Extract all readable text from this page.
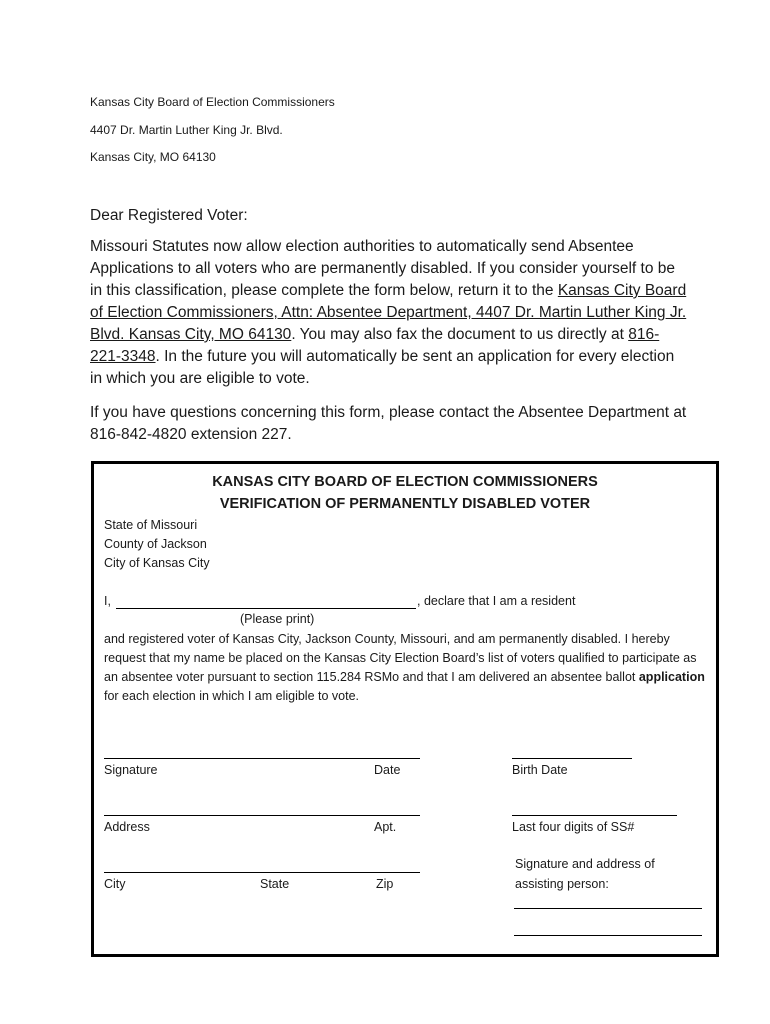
Kansas City Board of Election Commissioners
4407 Dr. Martin Luther King Jr. Blvd.
Kansas City, MO 64130
Dear Registered Voter:

Missouri Statutes now allow election authorities to automatically send Absentee Applications to all voters who are permanently disabled. If you consider yourself to be in this classification, please complete the form below, return it to the Kansas City Board of Election Commissioners, Attn: Absentee Department, 4407 Dr. Martin Luther King Jr. Blvd. Kansas City, MO 64130. You may also fax the document to us directly at 816-221-3348. In the future you will automatically be sent an application for every election in which you are eligible to vote.

If you have questions concerning this form, please contact the Absentee Department at 816-842-4820 extension 227.

KANSAS CITY BOARD OF ELECTION COMMISSIONERS
VERIFICATION OF PERMANENTLY DISABLED VOTER
State of Missouri
County of Jackson
City of Kansas City
I,	, declare that I am a resident
(Please print)

and registered voter of Kansas City, Jackson County, Missouri, and am permanently disabled. I hereby request that my name be placed on the Kansas City Election Board’s list of voters qualified to participate as an absentee voter pursuant to section 115.284 RSMo and that I am delivered an absentee ballot application for each election in which I am eligible to vote.

Signature	Date	Birth Date
Address	Apt.	Last four digits of SS#
City	State	Zip
Signature and address of
assisting person:
